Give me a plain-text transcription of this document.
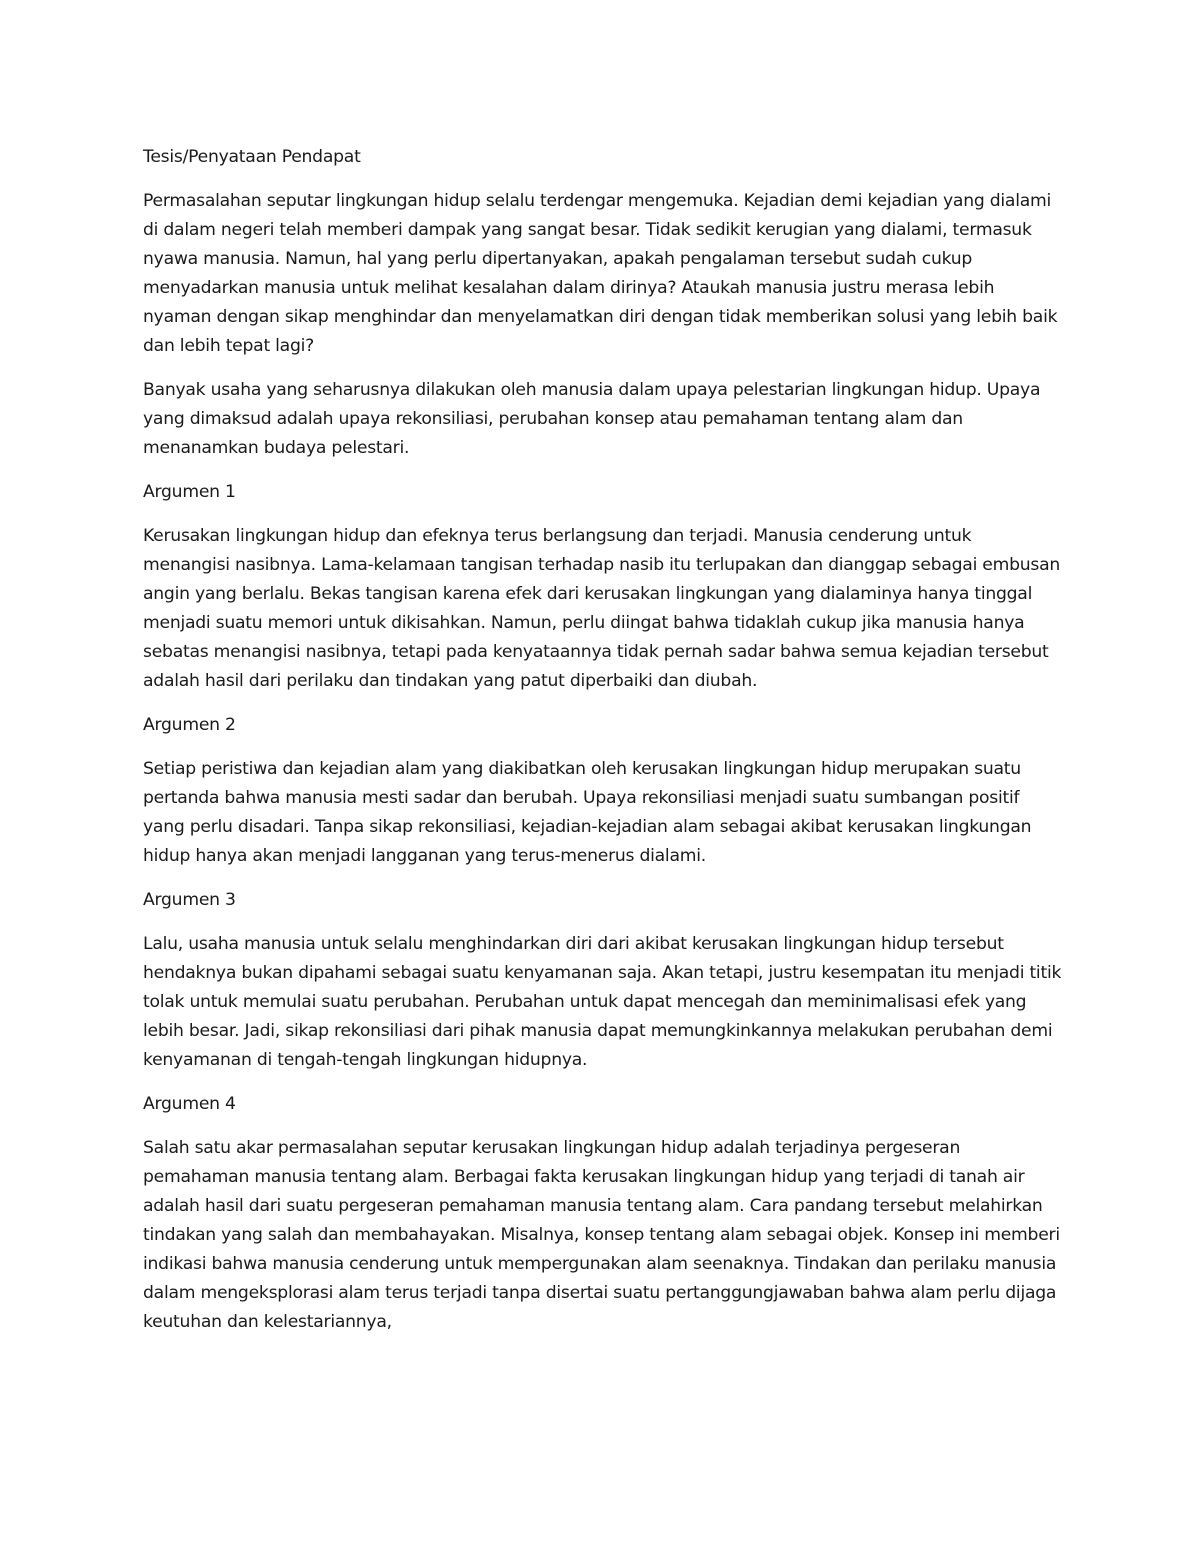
Tesis/Penyataan Pendapat

Permasalahan seputar lingkungan hidup selalu terdengar mengemuka. Kejadian demi kejadian yang dialami di dalam negeri telah memberi dampak yang sangat besar. Tidak sedikit kerugian yang dialami, termasuk nyawa manusia. Namun, hal yang perlu dipertanyakan, apakah pengalaman tersebut sudah cukup menyadarkan manusia untuk melihat kesalahan dalam dirinya? Ataukah manusia justru merasa lebih nyaman dengan sikap menghindar dan menyelamatkan diri dengan tidak memberikan solusi yang lebih baik dan lebih tepat lagi?

Banyak usaha yang seharusnya dilakukan oleh manusia dalam upaya pelestarian lingkungan hidup. Upaya yang dimaksud adalah upaya rekonsiliasi, perubahan konsep atau pemahaman tentang alam dan menanamkan budaya pelestari.

Argumen 1

Kerusakan lingkungan hidup dan efeknya terus berlangsung dan terjadi. Manusia cenderung untuk menangisi nasibnya. Lama-kelamaan tangisan terhadap nasib itu terlupakan dan dianggap sebagai embusan angin yang berlalu. Bekas tangisan karena efek dari kerusakan lingkungan yang dialaminya hanya tinggal menjadi suatu memori untuk dikisahkan. Namun, perlu diingat bahwa tidaklah cukup jika manusia hanya sebatas menangisi nasibnya, tetapi pada kenyataannya tidak pernah sadar bahwa semua kejadian tersebut adalah hasil dari perilaku dan tindakan yang patut diperbaiki dan diubah.

Argumen 2

Setiap peristiwa dan kejadian alam yang diakibatkan oleh kerusakan lingkungan hidup merupakan suatu pertanda bahwa manusia mesti sadar dan berubah. Upaya rekonsiliasi menjadi suatu sumbangan positif yang perlu disadari. Tanpa sikap rekonsiliasi, kejadian-kejadian alam sebagai akibat kerusakan lingkungan hidup hanya akan menjadi langganan yang terus-menerus dialami.

Argumen 3

Lalu, usaha manusia untuk selalu menghindarkan diri dari akibat kerusakan lingkungan hidup tersebut hendaknya bukan dipahami sebagai suatu kenyamanan saja. Akan tetapi, justru kesempatan itu menjadi titik tolak untuk memulai suatu perubahan. Perubahan untuk dapat mencegah dan meminimalisasi efek yang lebih besar. Jadi, sikap rekonsiliasi dari pihak manusia dapat memungkinkannya melakukan perubahan demi kenyamanan di tengah-tengah lingkungan hidupnya.

Argumen 4

Salah satu akar permasalahan seputar kerusakan lingkungan hidup adalah terjadinya pergeseran pemahaman manusia tentang alam. Berbagai fakta kerusakan lingkungan hidup yang terjadi di tanah air adalah hasil dari suatu pergeseran pemahaman manusia tentang alam. Cara pandang tersebut melahirkan tindakan yang salah dan membahayakan. Misalnya, konsep tentang alam sebagai objek. Konsep ini memberi indikasi bahwa manusia cenderung untuk mempergunakan alam seenaknya. Tindakan dan perilaku manusia dalam mengeksplorasi alam terus terjadi tanpa disertai suatu pertanggungjawaban bahwa alam perlu dijaga keutuhan dan kelestariannya,
